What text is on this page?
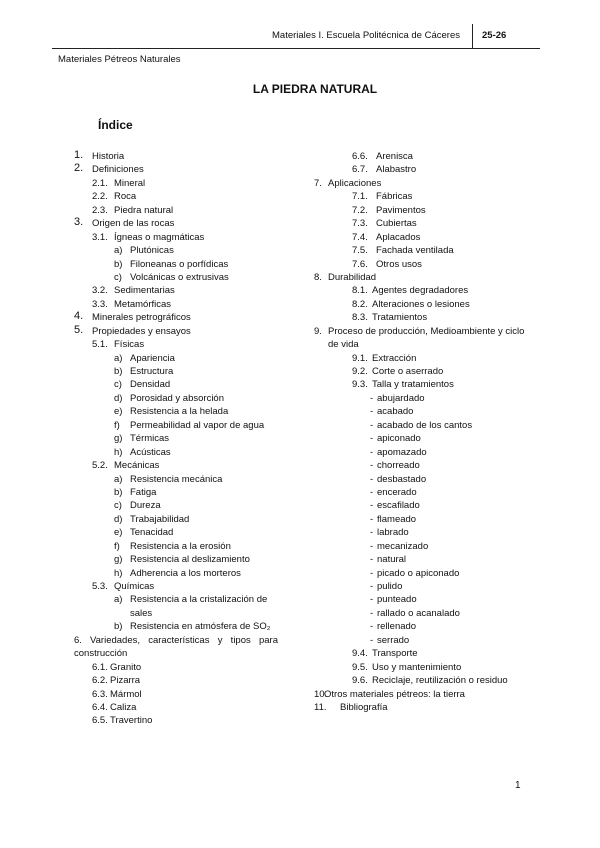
Materiales I. Escuela Politécnica de Cáceres 25-26
Materiales Pétreos Naturales
LA PIEDRA NATURAL
Índice
1. Historia
2. Definiciones
2.1. Mineral
2.2. Roca
2.3. Piedra natural
3. Origen de las rocas
3.1. Ígneas o magmáticas
a) Plutónicas
b) Filoneanas o porfídicas
c) Volcánicas o extrusivas
3.2. Sedimentarias
3.3. Metamórficas
4. Minerales petrográficos
5. Propiedades y ensayos
5.1. Físicas
a) Apariencia
b) Estructura
c) Densidad
d) Porosidad y absorción
e) Resistencia a la helada
f) Permeabilidad al vapor de agua
g) Térmicas
h) Acústicas
5.2. Mecánicas
a) Resistencia mecánica
b) Fatiga
c) Dureza
d) Trabajabilidad
e) Tenacidad
f) Resistencia a la erosión
g) Resistencia al deslizamiento
h) Adherencia a los morteros
5.3. Químicas
a) Resistencia a la cristalización de sales
b) Resistencia en atmósfera de SO₂
6. Variedades, características y tipos para construcción
6.1. Granito
6.2. Pizarra
6.3. Mármol
6.4. Caliza
6.5. Travertino
6.6. Arenisca
6.7. Alabastro
7. Aplicaciones
7.1. Fábricas
7.2. Pavimentos
7.3. Cubiertas
7.4. Aplacados
7.5. Fachada ventilada
7.6. Otros usos
8. Durabilidad
8.1. Agentes degradadores
8.2. Alteraciones o lesiones
8.3. Tratamientos
9. Proceso de producción, Medioambiente y ciclo de vida
9.1. Extracción
9.2. Corte o aserrado
9.3. Talla y tratamientos
- abujardado
- acabado
- acabado de los cantos
- apiconado
- apomazado
- chorreado
- desbastado
- encerado
- escafilado
- flameado
- labrado
- mecanizado
- natural
- picado o apiconado
- pulido
- punteado
- rallado o acanalado
- rellenado
- serrado
9.4. Transporte
9.5. Uso y mantenimiento
9.6. Reciclaje, reutilización o residuo
10.
Otros materiales pétreos: la tierra
11. Bibliografía
1
